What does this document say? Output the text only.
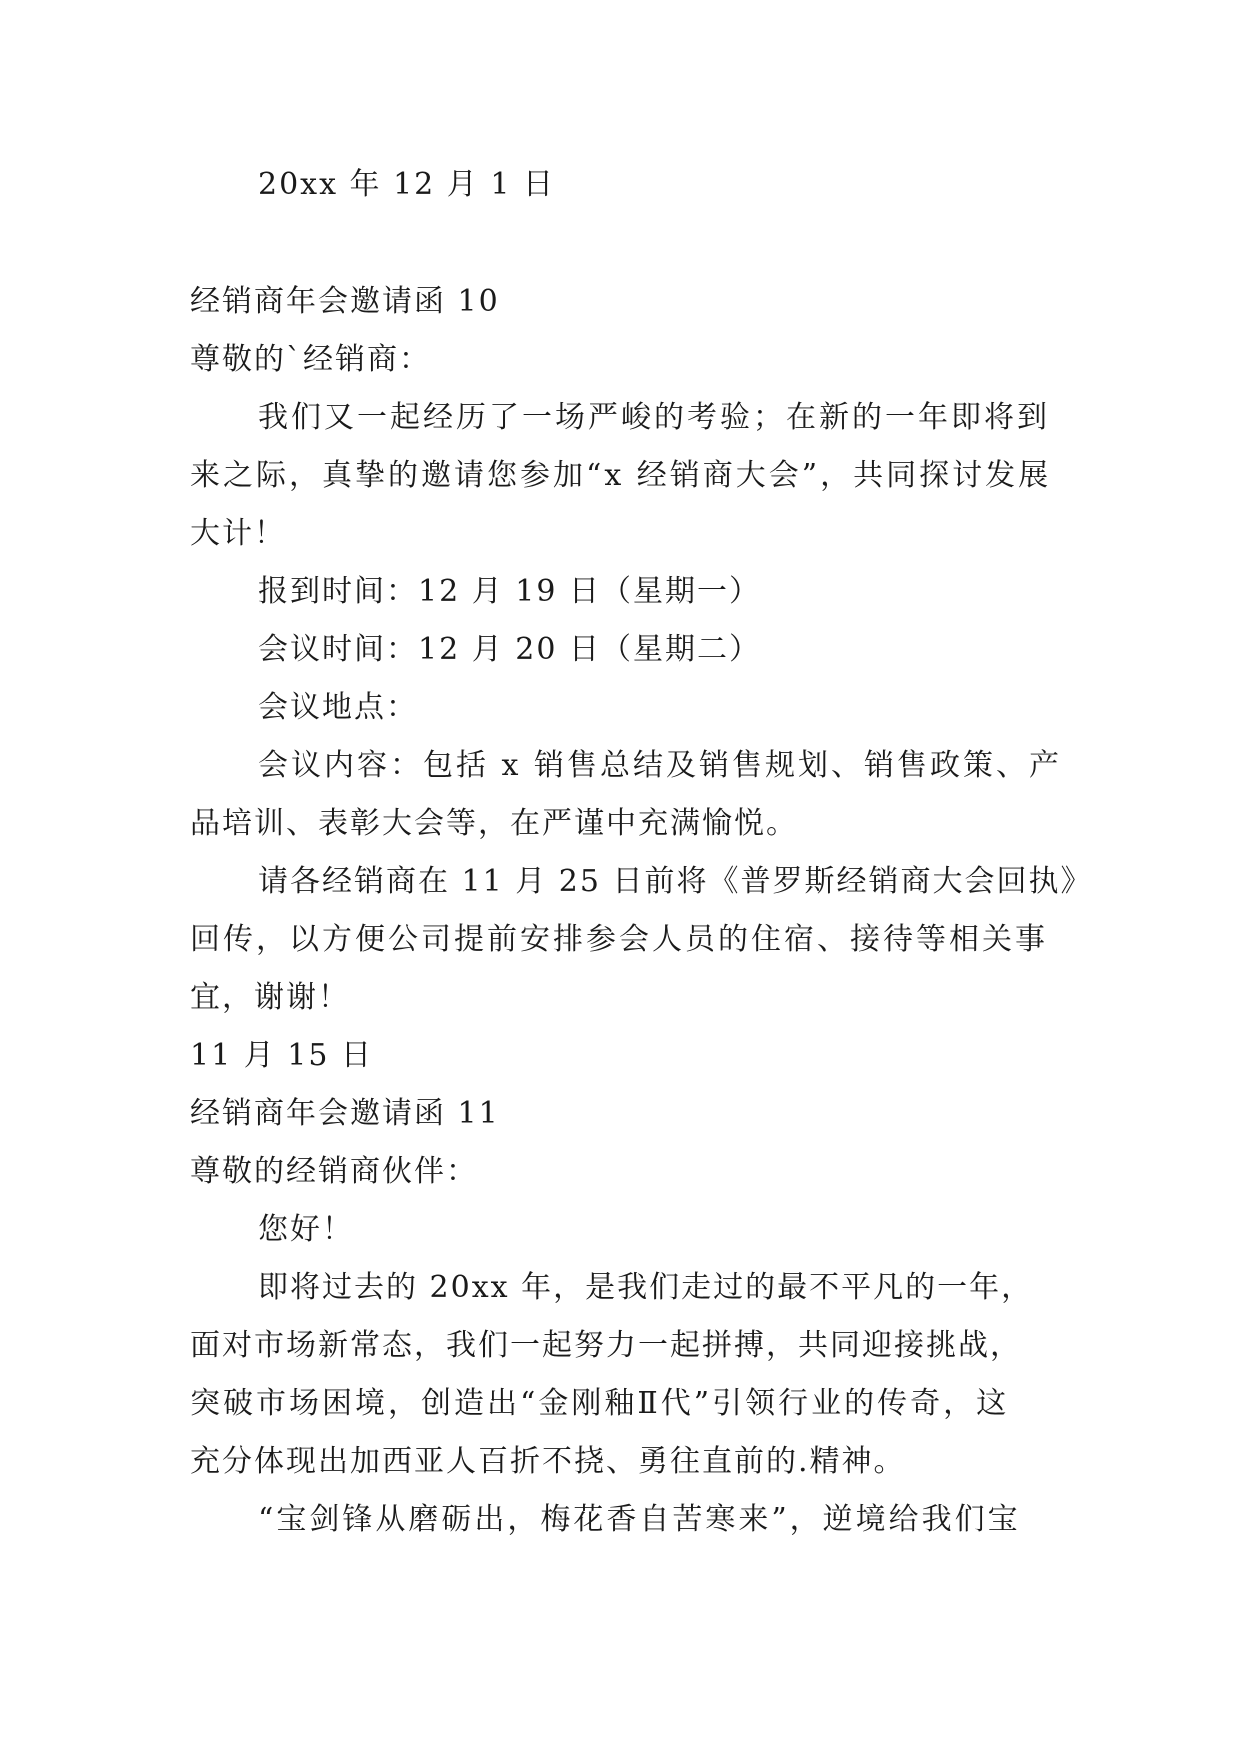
20xx 年 12 月 1 日
经销商年会邀请函 10
尊敬的`经销商：
我们又一起经历了一场严峻的考验；在新的一年即将到
来之际，真挚的邀请您参加“x 经销商大会”，共同探讨发展
大计！
报到时间：12 月 19 日（星期一）
会议时间：12 月 20 日（星期二）
会议地点：
会议内容：包括 x 销售总结及销售规划、销售政策、产
品培训、表彰大会等，在严谨中充满愉悦。
请各经销商在 11 月 25 日前将《普罗斯经销商大会回执》
回传，以方便公司提前安排参会人员的住宿、接待等相关事
宜，谢谢！
11 月 15 日
经销商年会邀请函 11
尊敬的经销商伙伴：
您好！
即将过去的 20xx 年，是我们走过的最不平凡的一年，
面对市场新常态，我们一起努力一起拼搏，共同迎接挑战，
突破市场困境，创造出“金刚釉Ⅱ代”引领行业的传奇，这
充分体现出加西亚人百折不挠、勇往直前的.精神。
“宝剑锋从磨砺出，梅花香自苦寒来”，逆境给我们宝
